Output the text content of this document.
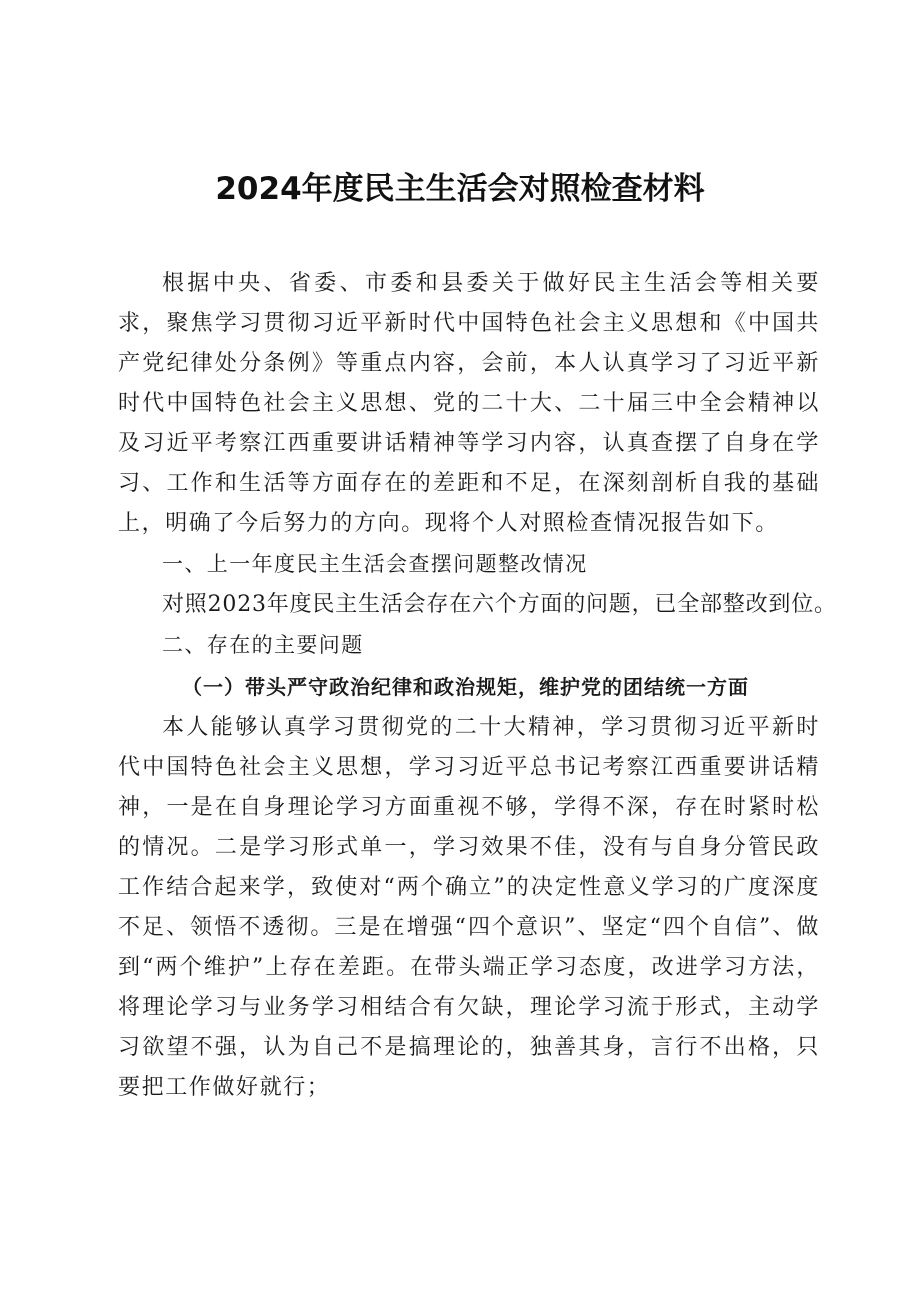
2024年度民主生活会对照检查材料

根据中央、省委、市委和县委关于做好民主生活会等相关要求，聚焦学习贯彻习近平新时代中国特色社会主义思想和《中国共产党纪律处分条例》等重点内容，会前，本人认真学习了习近平新时代中国特色社会主义思想、党的二十大、二十届三中全会精神以及习近平考察江西重要讲话精神等学习内容，认真查摆了自身在学习、工作和生活等方面存在的差距和不足，在深刻剖析自我的基础上，明确了今后努力的方向。现将个人对照检查情况报告如下。

一、上一年度民主生活会查摆问题整改情况

对照2023年度民主生活会存在六个方面的问题，已全部整改到位。

二、存在的主要问题

（一）带头严守政治纪律和政治规矩，维护党的团结统一方面

本人能够认真学习贯彻党的二十大精神，学习贯彻习近平新时代中国特色社会主义思想，学习习近平总书记考察江西重要讲话精神，一是在自身理论学习方面重视不够，学得不深，存在时紧时松的情况。二是学习形式单一，学习效果不佳，没有与自身分管民政工作结合起来学，致使对“两个确立”的决定性意义学习的广度深度不足、领悟不透彻。三是在增强“四个意识”、坚定“四个自信”、做到“两个维护”上存在差距。在带头端正学习态度，改进学习方法，将理论学习与业务学习相结合有欠缺，理论学习流于形式，主动学习欲望不强，认为自己不是搞理论的，独善其身，言行不出格，只要把工作做好就行；
